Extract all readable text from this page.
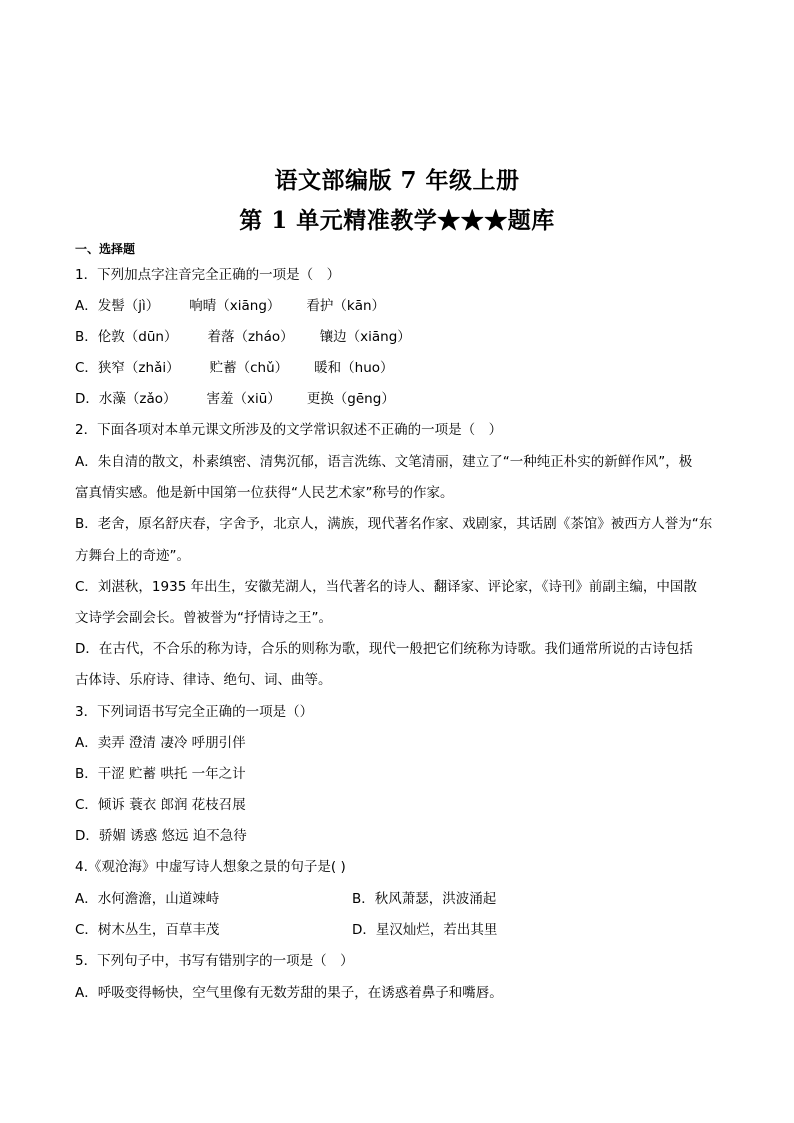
语文部编版 7 年级上册
第 1 单元精准教学★★★题库
一、选择题
1．下列加点字注音完全正确的一项是（　）
A．发髻（jì） 响晴（xiāng） 看护（kān）
B．伦敦（dūn） 着落（zháo） 镶边（xiāng）
C．狭窄（zhǎi） 贮蓄（chǔ） 暖和（huo）
D．水藻（zǎo） 害羞（xiū） 更换（gēng）
2．下面各项对本单元课文所涉及的文学常识叙述不正确的一项是（　）
A．朱自清的散文，朴素缜密、清隽沉郁，语言洗练、文笔清丽，建立了“一种纯正朴实的新鲜作风”，极
富真情实感。他是新中国第一位获得“人民艺术家”称号的作家。
B．老舍，原名舒庆春，字舍予，北京人，满族，现代著名作家、戏剧家，其话剧《茶馆》被西方人誉为“东
方舞台上的奇迹”。
C．刘湛秋，1935 年出生，安徽芜湖人，当代著名的诗人、翻译家、评论家，《诗刊》前副主编，中国散
文诗学会副会长。曾被誉为“抒情诗之王”。
D．在古代，不合乐的称为诗，合乐的则称为歌，现代一般把它们统称为诗歌。我们通常所说的古诗包括
古体诗、乐府诗、律诗、绝句、词、曲等。
3．下列词语书写完全正确的一项是（）
A．卖弄 澄清 凄冷 呼朋引伴
B．干涩 贮蓄 哄托 一年之计
C．倾诉 蓑衣 郎润 花枝召展
D．骄媚 诱惑 悠远 迫不急待
4.《观沧海》中虚写诗人想象之景的句子是( )
A．水何澹澹，山道竦峙	B．秋风萧瑟，洪波涌起
C．树木丛生，百草丰茂	D．星汉灿烂，若出其里
5．下列句子中，书写有错别字的一项是（　）
A．呼吸变得畅快，空气里像有无数芳甜的果子，在诱惑着鼻子和嘴唇。
